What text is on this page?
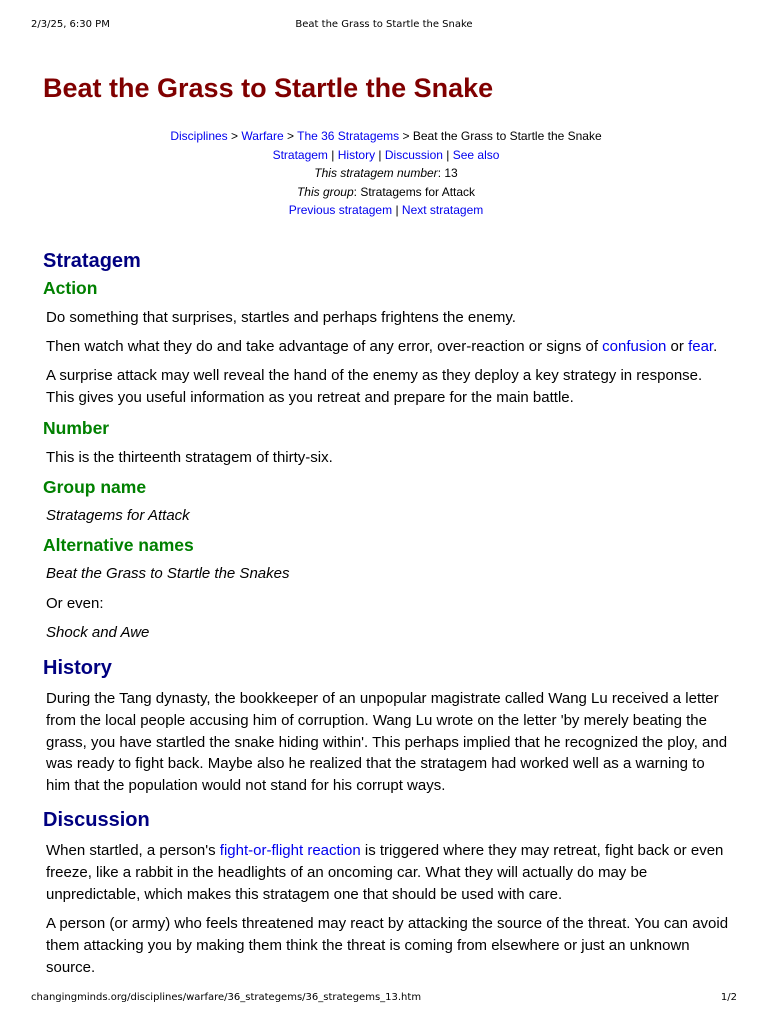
2/3/25, 6:30 PM	Beat the Grass to Startle the Snake
Beat the Grass to Startle the Snake
Disciplines > Warfare > The 36 Stratagems > Beat the Grass to Startle the Snake
Stratagem | History | Discussion | See also
This stratagem number: 13
This group: Stratagems for Attack
Previous stratagem | Next stratagem
Stratagem
Action

Do something that surprises, startles and perhaps frightens the enemy.

Then watch what they do and take advantage of any error, over-reaction or signs of confusion or fear.

A surprise attack may well reveal the hand of the enemy as they deploy a key strategy in response. This gives you useful information as you retreat and prepare for the main battle.

Number

This is the thirteenth stratagem of thirty-six.

Group name

Stratagems for Attack

Alternative names

Beat the Grass to Startle the Snakes

Or even:

Shock and Awe

History

During the Tang dynasty, the bookkeeper of an unpopular magistrate called Wang Lu received a letter from the local people accusing him of corruption. Wang Lu wrote on the letter 'by merely beating the grass, you have startled the snake hiding within'. This perhaps implied that he recognized the ploy, and was ready to fight back. Maybe also he realized that the stratagem had worked well as a warning to him that the population would not stand for his corrupt ways.

Discussion

When startled, a person's fight-or-flight reaction is triggered where they may retreat, fight back or even freeze, like a rabbit in the headlights of an oncoming car. What they will actually do may be unpredictable, which makes this stratagem one that should be used with care.

A person (or army) who feels threatened may react by attacking the source of the threat. You can avoid them attacking you by making them think the threat is coming from elsewhere or just an unknown source.

changingminds.org/disciplines/warfare/36_strategems/36_strategems_13.htm	1/2
